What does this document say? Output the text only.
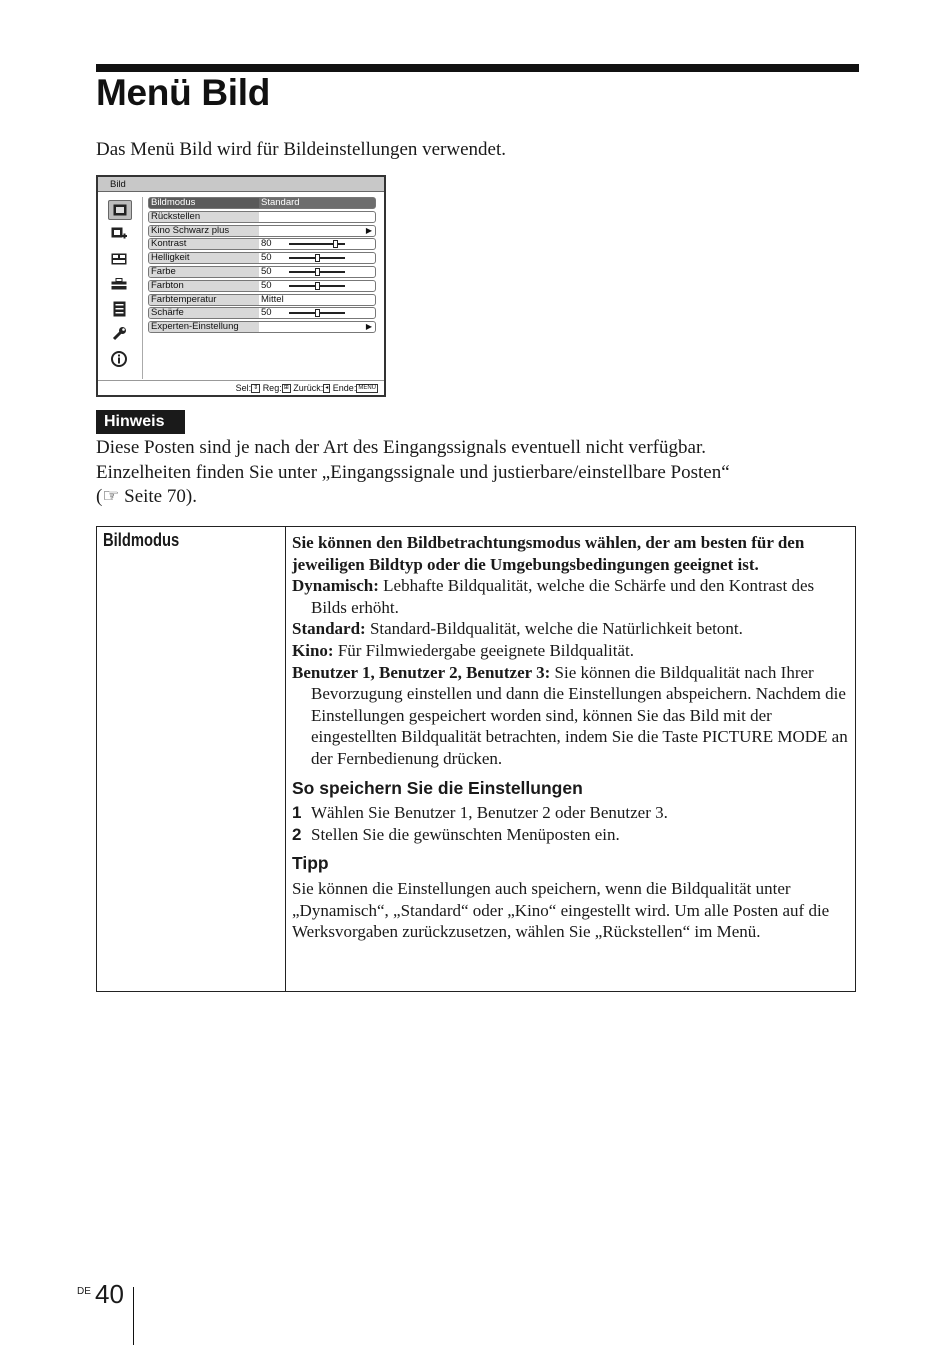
Menü Bild
Das Menü Bild wird für Bildeinstellungen verwendet.
Bild
Bildmodus	Standard
Rückstellen
Kino Schwarz plus	▶
Kontrast	80
Helligkeit	50
Farbe	50
Farbton	50
Farbtemperatur	Mittel
Schärfe	50
Experten-Einstellung	▶
Sel: ⇕ Reg: ⊞ Zurück: ◂ Ende: MENU
Hinweis
Diese Posten sind je nach der Art des Eingangssignals eventuell nicht verfügbar.
Einzelheiten finden Sie unter „Eingangssignale und justierbare/einstellbare Posten“
(☞ Seite 70).
Bildmodus	Sie können den Bildbetrachtungsmodus wählen, der am besten für den jeweiligen Bildtyp oder die Umgebungsbedingungen geeignet ist.

Dynamisch: Lebhafte Bildqualität, welche die Schärfe und den Kontrast des Bilds erhöht.

Standard: Standard-Bildqualität, welche die Natürlichkeit betont.

Kino: Für Filmwiedergabe geeignete Bildqualität.

Benutzer 1, Benutzer 2, Benutzer 3: Sie können die Bildqualität nach Ihrer Bevorzugung einstellen und dann die Einstellungen abspeichern. Nachdem die Einstellungen gespeichert worden sind, können Sie das Bild mit der eingestellten Bildqualität betrachten, indem Sie die Taste PICTURE MODE an der Fernbedienung drücken.

So speichern Sie die Einstellungen

1 Wählen Sie Benutzer 1, Benutzer 2 oder Benutzer 3.

2 Stellen Sie die gewünschten Menüposten ein.

Tipp

Sie können die Einstellungen auch speichern, wenn die Bildqualität unter „Dynamisch“, „Standard“ oder „Kino“ eingestellt wird. Um alle Posten auf die Werksvorgaben zurückzusetzen, wählen Sie „Rückstellen“ im Menü.

DE 40
